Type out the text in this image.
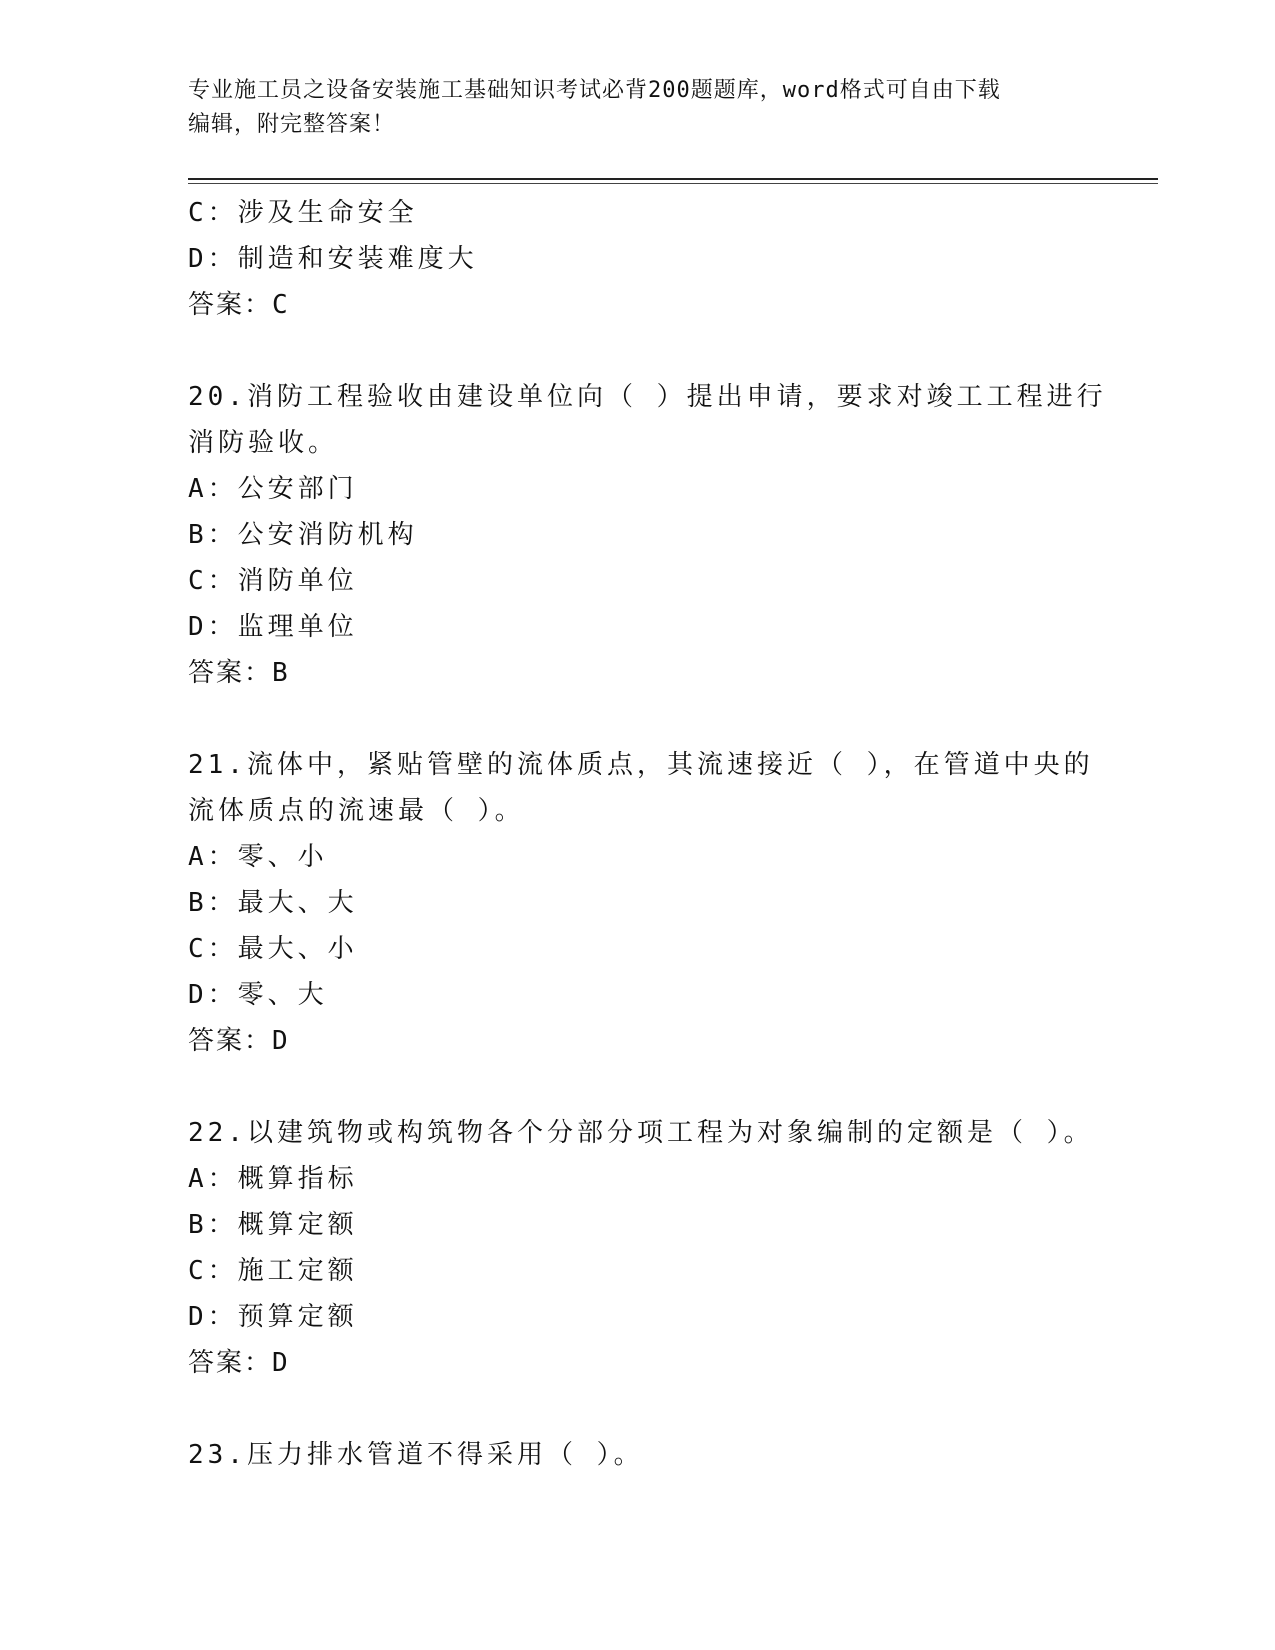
专业施工员之设备安装施工基础知识考试必背200题题库，word格式可自由下载
编辑，附完整答案！
C：涉及生命安全
D：制造和安装难度大
答案：C
20.消防工程验收由建设单位向（ ）提出申请，要求对竣工工程进行
消防验收。
A：公安部门
B：公安消防机构
C：消防单位
D：监理单位
答案：B
21.流体中，紧贴管壁的流体质点，其流速接近（ ），在管道中央的
流体质点的流速最（ ）。
A：零、小
B：最大、大
C：最大、小
D：零、大
答案：D
22.以建筑物或构筑物各个分部分项工程为对象编制的定额是（ ）。
A：概算指标
B：概算定额
C：施工定额
D：预算定额
答案：D
23.压力排水管道不得采用（ ）。
